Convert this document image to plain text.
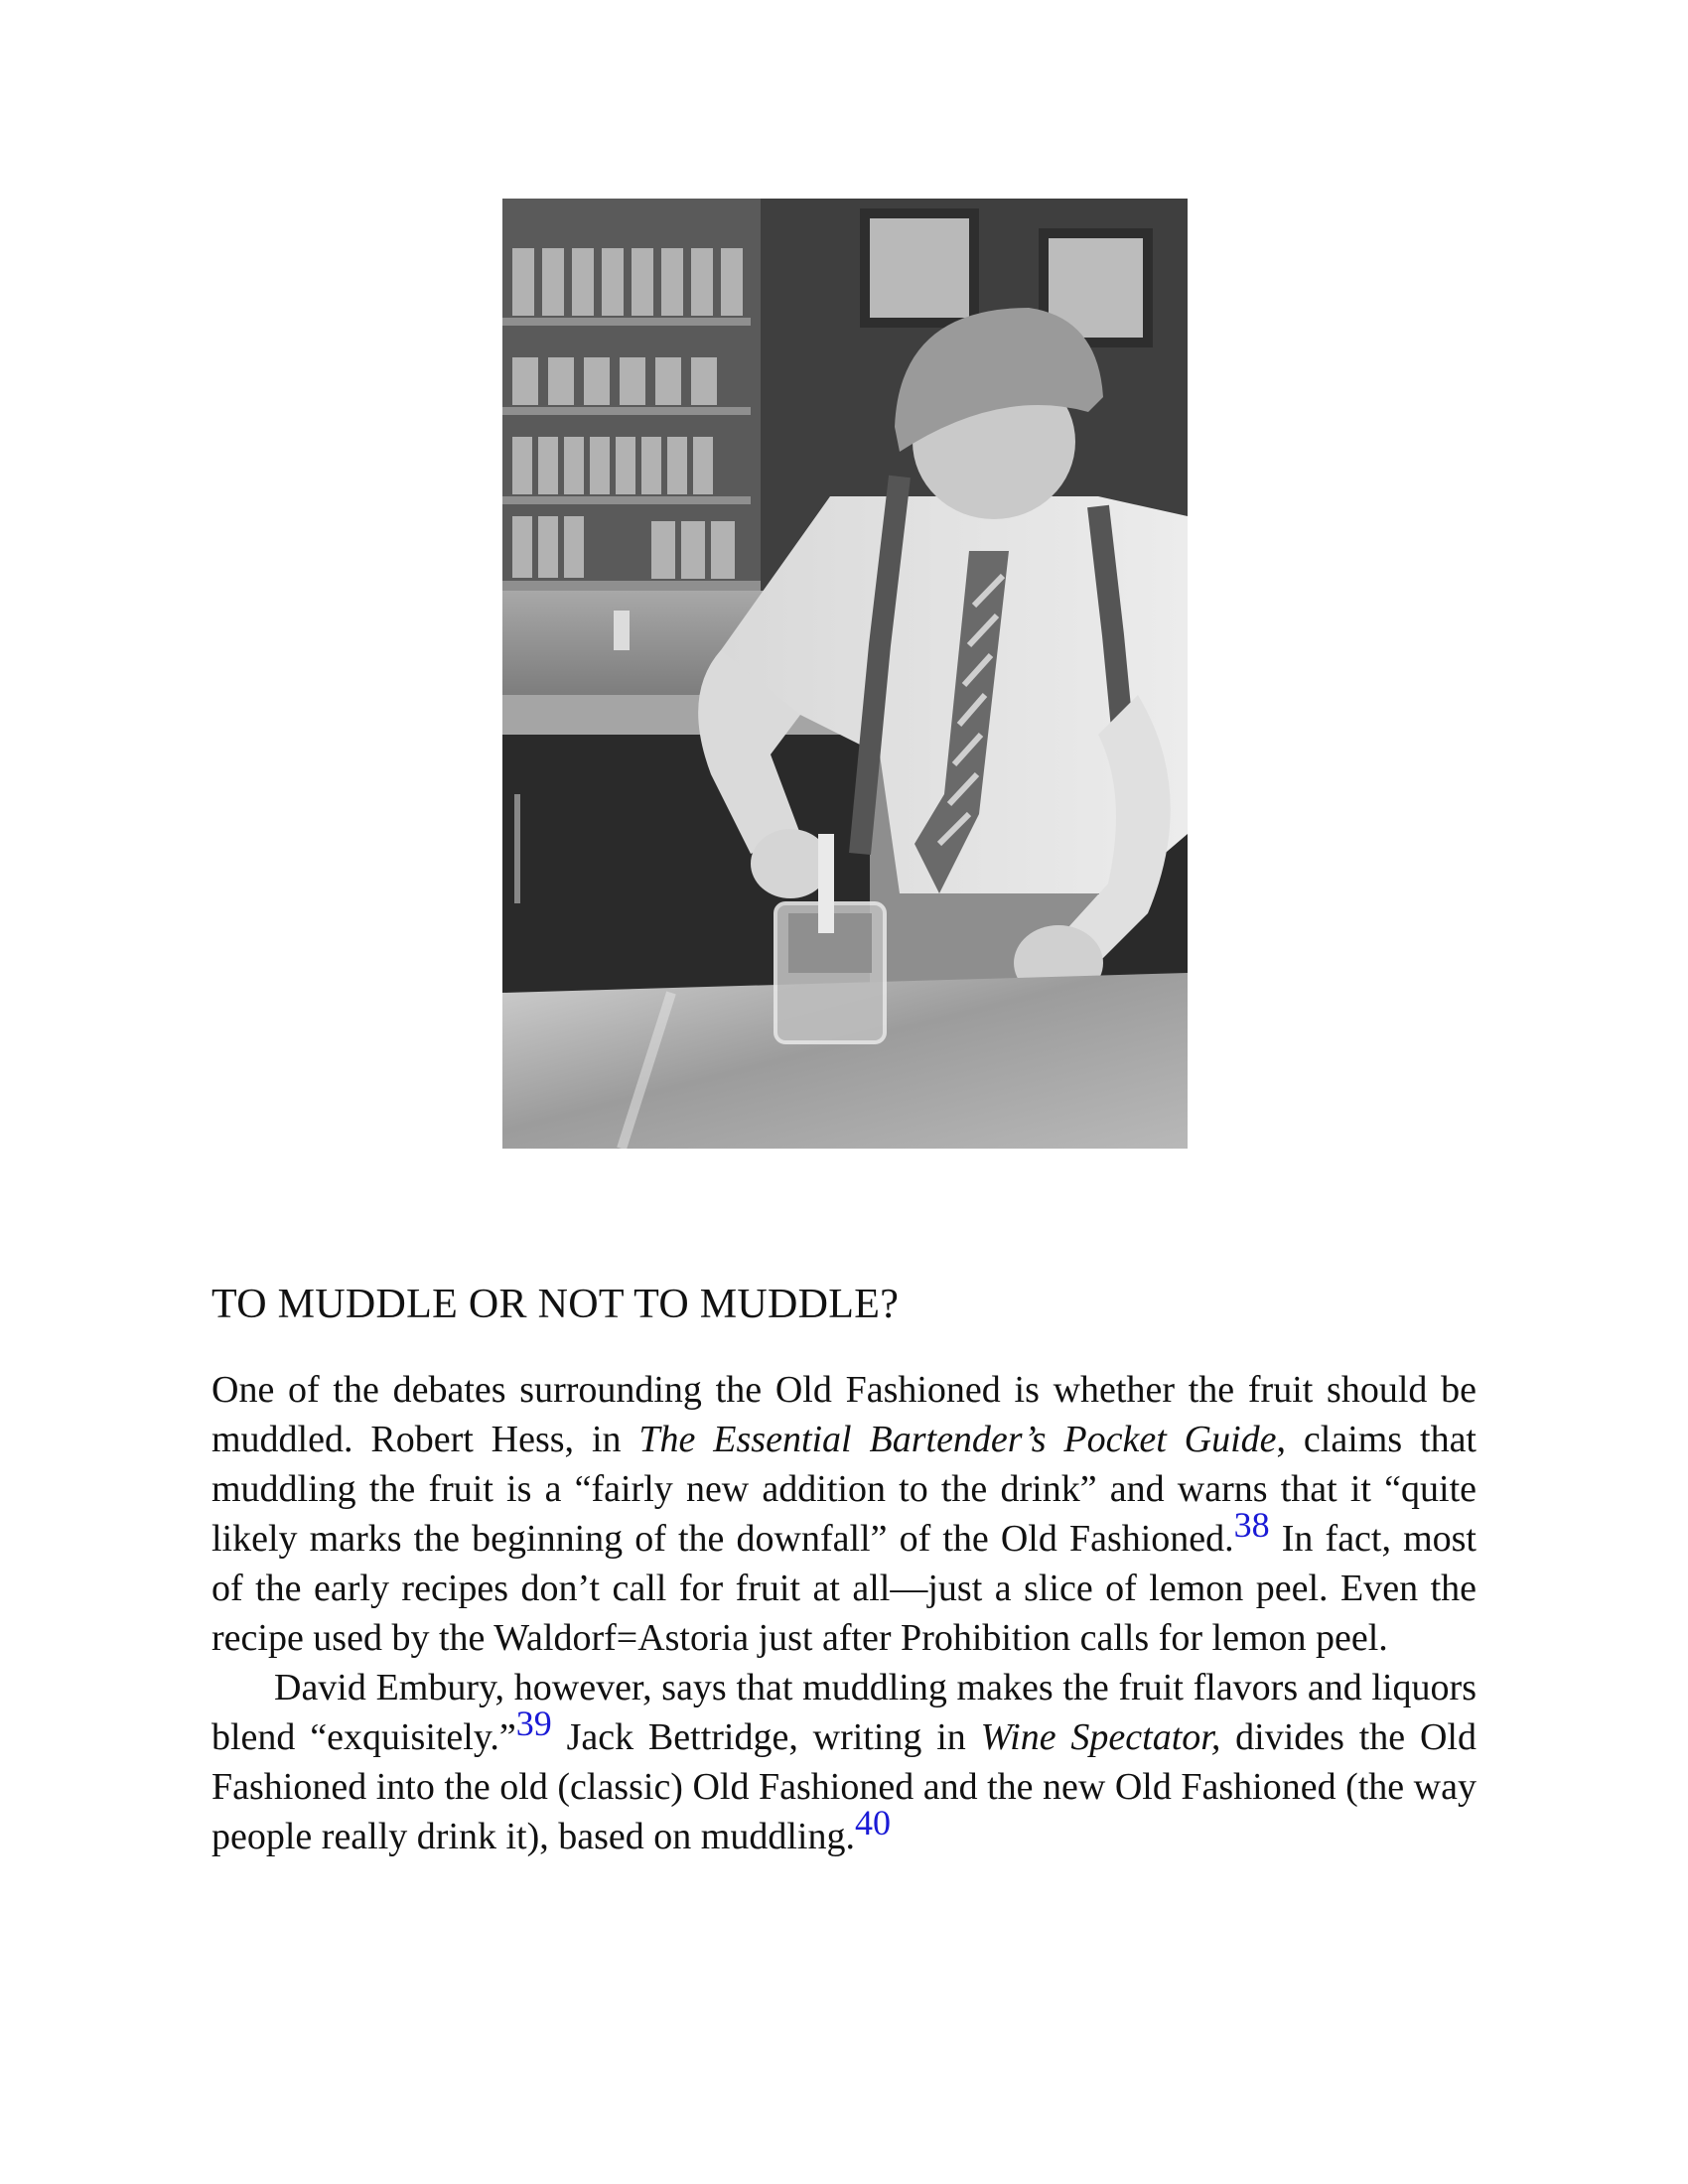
TO MUDDLE OR NOT TO MUDDLE?

One of the debates surrounding the Old Fashioned is whether the fruit should be muddled. Robert Hess, in The Essential Bartender’s Pocket Guide, claims that muddling the fruit is a “fairly new addition to the drink” and warns that it “quite likely marks the beginning of the downfall” of the Old Fashioned.38 In fact, most of the early recipes don’t call for fruit at all—just a slice of lemon peel. Even the recipe used by the Waldorf=Astoria just after Prohibition calls for lemon peel.

David Embury, however, says that muddling makes the fruit flavors and liquors blend “exquisitely.”39 Jack Bettridge, writing in Wine Spectator, divides the Old Fashioned into the old (classic) Old Fashioned and the new Old Fashioned (the way people really drink it), based on muddling.40
